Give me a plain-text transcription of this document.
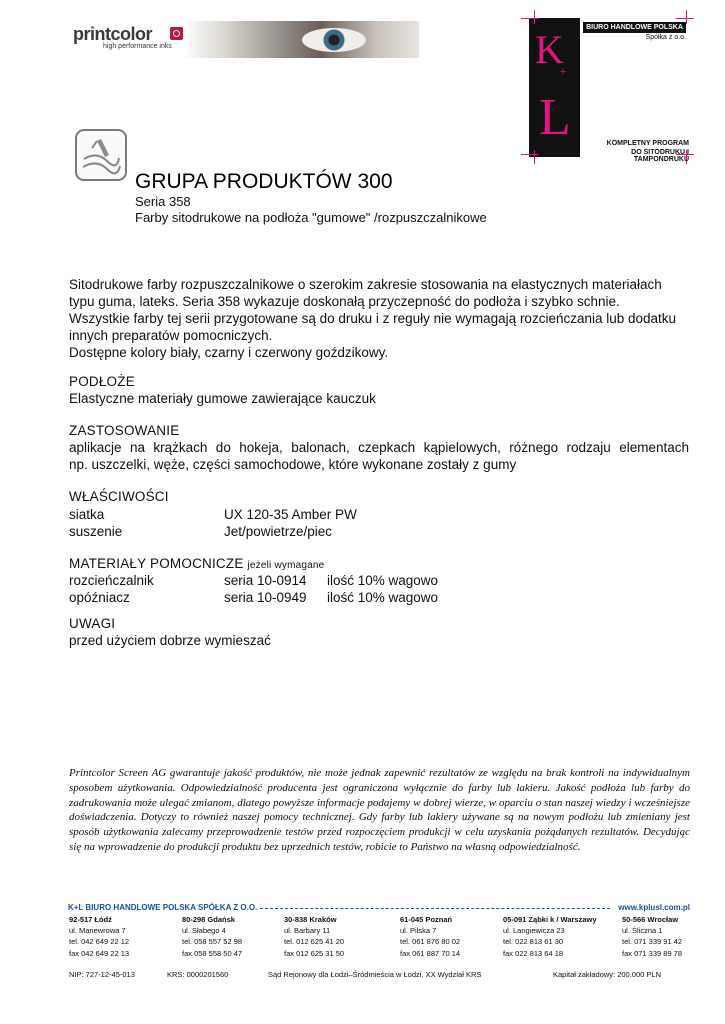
printcolor
high performance inks	K
+
L
BIURO HANDLOWE POLSKA
Spółka z o.o.
KOMPLETNY PROGRAM
DO SITODRUKU I TAMPONDRUKU
GRUPA PRODUKTÓW 300
Seria 358
Farby sitodrukowe na podłoża "gumowe" /rozpuszczalnikowe
Sitodrukowe farby rozpuszczalnikowe o szerokim zakresie stosowania na elastycznych materiałach
typu guma, lateks. Seria 358 wykazuje doskonałą przyczepność do podłoża i szybko schnie.
Wszystkie farby tej serii przygotowane są do druku i z reguły nie wymagają rozcieńczania lub dodatku
innych preparatów pomocniczych.
Dostępne kolory biały, czarny i czerwony goździkowy.
PODŁOŻE
Elastyczne materiały gumowe zawierające kauczuk
ZASTOSOWANIE
aplikacje na krążkach do hokeja, balonach, czepkach kąpielowych, różnego rodzaju elementach
np. uszczelki, węże, części samochodowe, które wykonane zostały z gumy
WŁAŚCIWOŚCI
siatka	UX 120-35 Amber PW
suszenie	Jet/powietrze/piec
MATERIAŁY POMOCNICZE jeżeli wymagane
rozcieńczalnik	seria 10-0914 ilość 10% wagowo
opóźniacz	seria 10-0949 ilość 10% wagowo
UWAGI
przed użyciem dobrze wymieszać
Printcolor Screen AG gwarantuje jakość produktów, nie może jednak zapewnić rezultatów ze względu na brak kontroli na indywidualnym sposobem użytkowania. Odpowiedzialność producenta jest ograniczona wyłącznie do farby lub lakieru. Jakość podłoża lub farby do zadrukowania może ulegać zmianom, dlatego powyższe informacje podajemy w dobrej wierze, w oparciu o stan naszej wiedzy i wcześniejsze doświadczenia. Dotyczy to również naszej pomocy technicznej. Gdy farby lub lakiery używane są na nowym podłożu lub zmieniany jest sposób użytkowania zalecamy przeprowadzenie testów przed rozpoczęciem produkcji w celu uzyskania pożądanych rezultatów. Decydując się na wprowadzenie do produkcji produktu bez uprzednich testów, robicie to Państwo na własną odpowiedzialność.
K+L BIURO HANDLOWE POLSKA SPÓŁKA Z O.O.	www.kplusl.com.pl
92-517 Łódź
ul. Manewrowa 7
tel. 042 649 22 12
fax 042 649 22 13
80-298 Gdańsk
ul. Słabego 4
tel. 058 557 52 98
fax 058 558 50 47
30-838 Kraków
ul. Barbary 11
tel. 012 625 41 20
fax 012 625 31 50
61-045 Poznań
ul. Pilska 7
tel. 061 876 80 02
fax 061 887 70 14
05-091 Ząbki k / Warszawy
ul. Langiewicza 23
tel. 022 813 61 30
fax 022 813 64 18
50-566 Wrocław
ul. Śliczna 1
tel. 071 339 91 42
fax 071 339 89 78
NIP: 727-12-45-013	KRS: 0000201560	Sąd Rejonowy dla Łodzi–Śródmieścia w Łodzi, XX Wydział KRS	Kapitał zakładowy: 200.000 PLN
